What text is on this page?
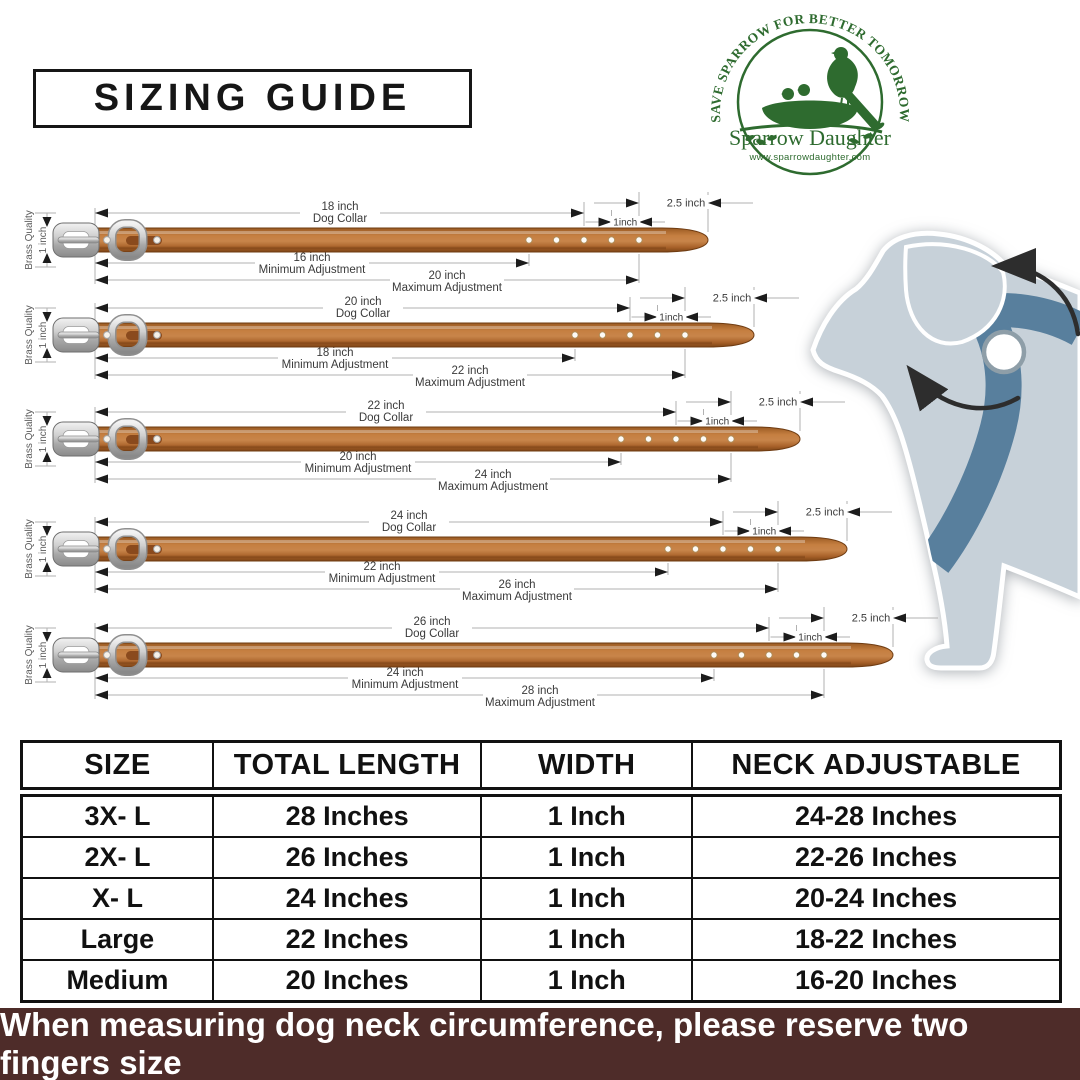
SIZING GUIDE	SAVE SPARROW FOR BETTER TOMORROW
Sparrow Daughter
www.sparrowdaughter.com
Brass Quality 1 inch
18 inch
Dog Collar	1inch
2.5 inch
16 inch
Minimum Adjustment	20 inch
Maximum Adjustment
Brass Quality 1 inch
20 inch
Dog Collar	1inch
2.5 inch
18 inch
Minimum Adjustment	22 inch
Maximum Adjustment
Brass Quality 1 inch
22 inch
Dog Collar	1inch
2.5 inch
20 inch
Minimum Adjustment	24 inch
Maximum Adjustment
Brass Quality 1 inch
24 inch
Dog Collar	1inch
2.5 inch
22 inch
Minimum Adjustment	26 inch
Maximum Adjustment
Brass Quality 1 inch
26 inch
Dog Collar	1inch
2.5 inch
24 inch
Minimum Adjustment	28 inch
Maximum Adjustment
SIZE	TOTAL LENGTH	WIDTH	NECK ADJUSTABLE
3X- L	28 Inches	1 Inch	24-28 Inches
2X- L	26 Inches	1 Inch	22-26 Inches
X- L	24 Inches	1 Inch	20-24 Inches
Large	22 Inches	1 Inch	18-22 Inches
Medium	20 Inches	1 Inch	16-20 Inches
When measuring dog neck circumference, please reserve two fingers size
